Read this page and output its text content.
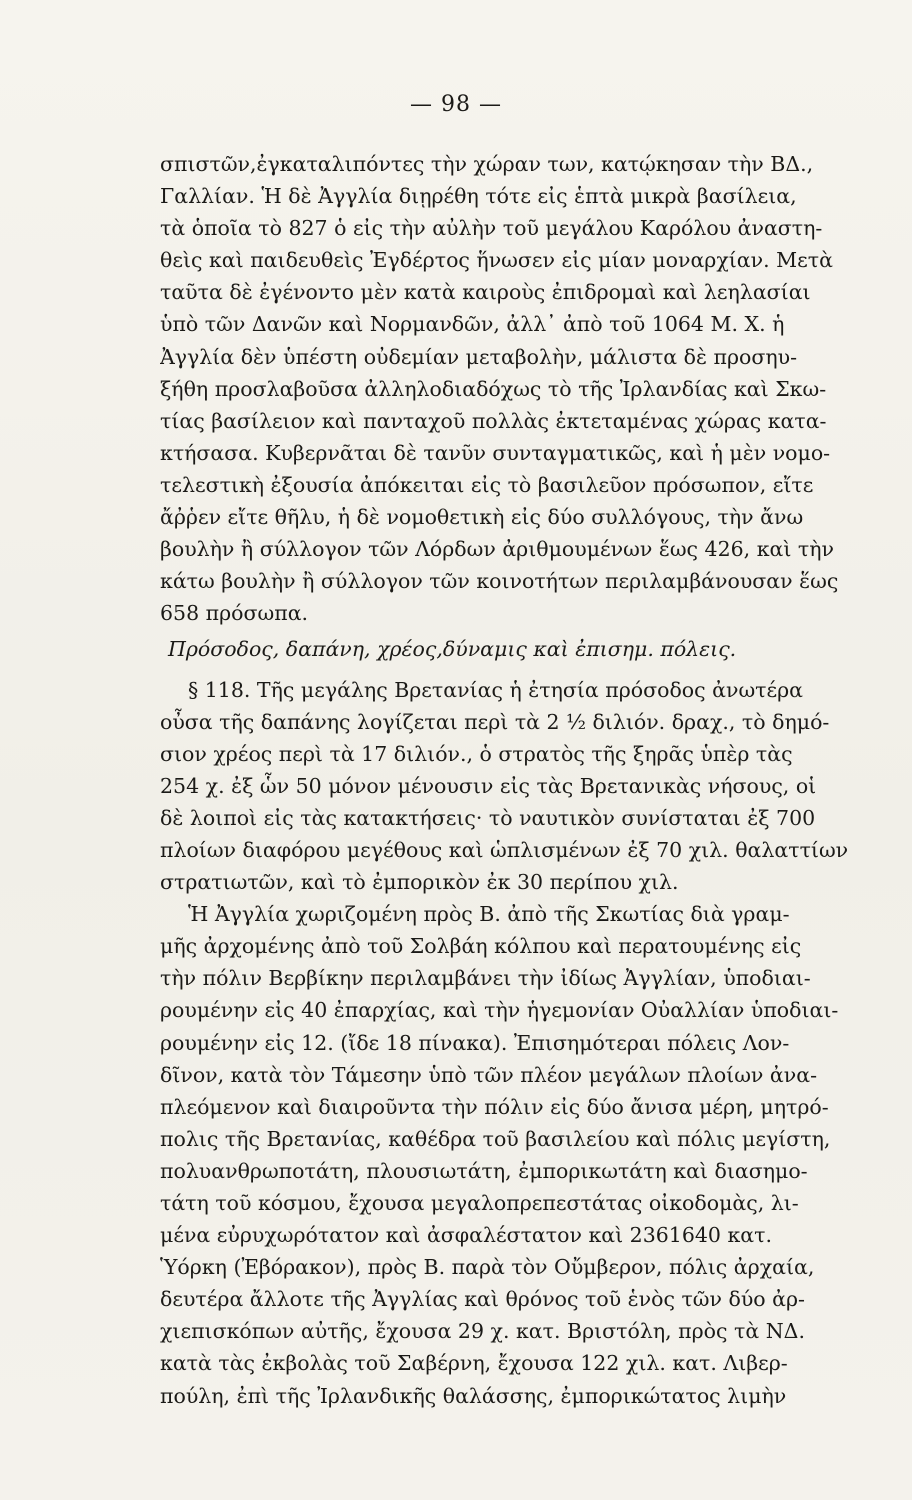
— 98 —
σπιστῶν,ἐγκαταλιπόντες τὴν χώραν των, κατῴκησαν τὴν ΒΔ.,
Γαλλίαν. Ἡ δὲ Ἀγγλία διῃρέθη τότε εἰς ἑπτὰ μικρὰ βασίλεια,
τὰ ὁποῖα τὸ 827 ὁ εἰς τὴν αὐλὴν τοῦ μεγάλου Καρόλου ἀναστη-
θεὶς καὶ παιδευθεὶς Ἐγδέρτος ἥνωσεν εἰς μίαν μοναρχίαν. Μετὰ
ταῦτα δὲ ἐγένοντο μὲν κατὰ καιροὺς ἐπιδρομαὶ καὶ λεηλασίαι
ὑπὸ τῶν Δανῶν καὶ Νορμανδῶν, ἀλλ᾽ ἀπὸ τοῦ 1064 Μ. Χ. ἡ
Ἀγγλία δὲν ὑπέστη οὐδεμίαν μεταβολὴν, μάλιστα δὲ προσηυ-
ξήθη προσλαβοῦσα ἀλληλοδιαδόχως τὸ τῆς Ἰρλανδίας καὶ Σκω-
τίας βασίλειον καὶ πανταχοῦ πολλὰς ἐκτεταμένας χώρας κατα-
κτήσασα. Κυβερνᾶται δὲ τανῦν συνταγματικῶς, καὶ ἡ μὲν νομο-
τελεστικὴ ἐξουσία ἀπόκειται εἰς τὸ βασιλεῦον πρόσωπον, εἴτε
ἄῤῥεν εἴτε θῆλυ, ἡ δὲ νομοθετικὴ εἰς δύο συλλόγους, τὴν ἄνω
βουλὴν ἢ σύλλογον τῶν Λόρδων ἀριθμουμένων ἕως 426, καὶ τὴν
κάτω βουλὴν ἢ σύλλογον τῶν κοινοτήτων περιλαμβάνουσαν ἕως
658 πρόσωπα.
Πρόσοδος, δαπάνη, χρέος,δύναμις καὶ ἐπισημ. πόλεις.
§ 118. Τῆς μεγάλης Βρετανίας ἡ ἐτησία πρόσοδος ἀνωτέρα
οὖσα τῆς δαπάνης λογίζεται περὶ τὰ 2 ½ διλιόν. δραχ., τὸ δημό-
σιον χρέος περὶ τὰ 17 διλιόν., ὁ στρατὸς τῆς ξηρᾶς ὑπὲρ τὰς
254 χ. ἐξ ὧν 50 μόνον μένουσιν εἰς τὰς Βρετανικὰς νήσους, οἱ
δὲ λοιποὶ εἰς τὰς κατακτήσεις· τὸ ναυτικὸν συνίσταται ἐξ 700
πλοίων διαφόρου μεγέθους καὶ ὡπλισμένων ἐξ 70 χιλ. θαλαττίων
στρατιωτῶν, καὶ τὸ ἐμπορικὸν ἐκ 30 περίπου χιλ.
Ἡ Ἀγγλία χωριζομένη πρὸς Β. ἀπὸ τῆς Σκωτίας διὰ γραμ-
μῆς ἀρχομένης ἀπὸ τοῦ Σολβάη κόλπου καὶ περατουμένης εἰς
τὴν πόλιν Βερβίκην περιλαμβάνει τὴν ἰδίως Ἀγγλίαν, ὑποδιαι-
ρουμένην εἰς 40 ἐπαρχίας, καὶ τὴν ἡγεμονίαν Οὐαλλίαν ὑποδιαι-
ρουμένην εἰς 12. (ἴδε 18 πίνακα). Ἐπισημότεραι πόλεις Λον-
δῖνον, κατὰ τὸν Τάμεσην ὑπὸ τῶν πλέον μεγάλων πλοίων ἀνα-
πλεόμενον καὶ διαιροῦντα τὴν πόλιν εἰς δύο ἄνισα μέρη, μητρό-
πολις τῆς Βρετανίας, καθέδρα τοῦ βασιλείου καὶ πόλις μεγίστη,
πολυανθρωποτάτη, πλουσιωτάτη, ἐμπορικωτάτη καὶ διασημο-
τάτη τοῦ κόσμου, ἔχουσα μεγαλοπρεπεστάτας οἰκοδομὰς, λι-
μένα εὐρυχωρότατον καὶ ἀσφαλέστατον καὶ 2361640 κατ.
Ὑόρκη (Ἐβόρακον), πρὸς Β. παρὰ τὸν Οὔμβερον, πόλις ἀρχαία,
δευτέρα ἄλλοτε τῆς Ἀγγλίας καὶ θρόνος τοῦ ἑνὸς τῶν δύο ἀρ-
χιεπισκόπων αὐτῆς, ἔχουσα 29 χ. κατ. Βριστόλη, πρὸς τὰ ΝΔ.
κατὰ τὰς ἐκβολὰς τοῦ Σαβέρνη, ἔχουσα 122 χιλ. κατ. Λιβερ-
πούλη, ἐπὶ τῆς Ἰρλανδικῆς θαλάσσης, ἐμπορικώτατος λιμὴν
